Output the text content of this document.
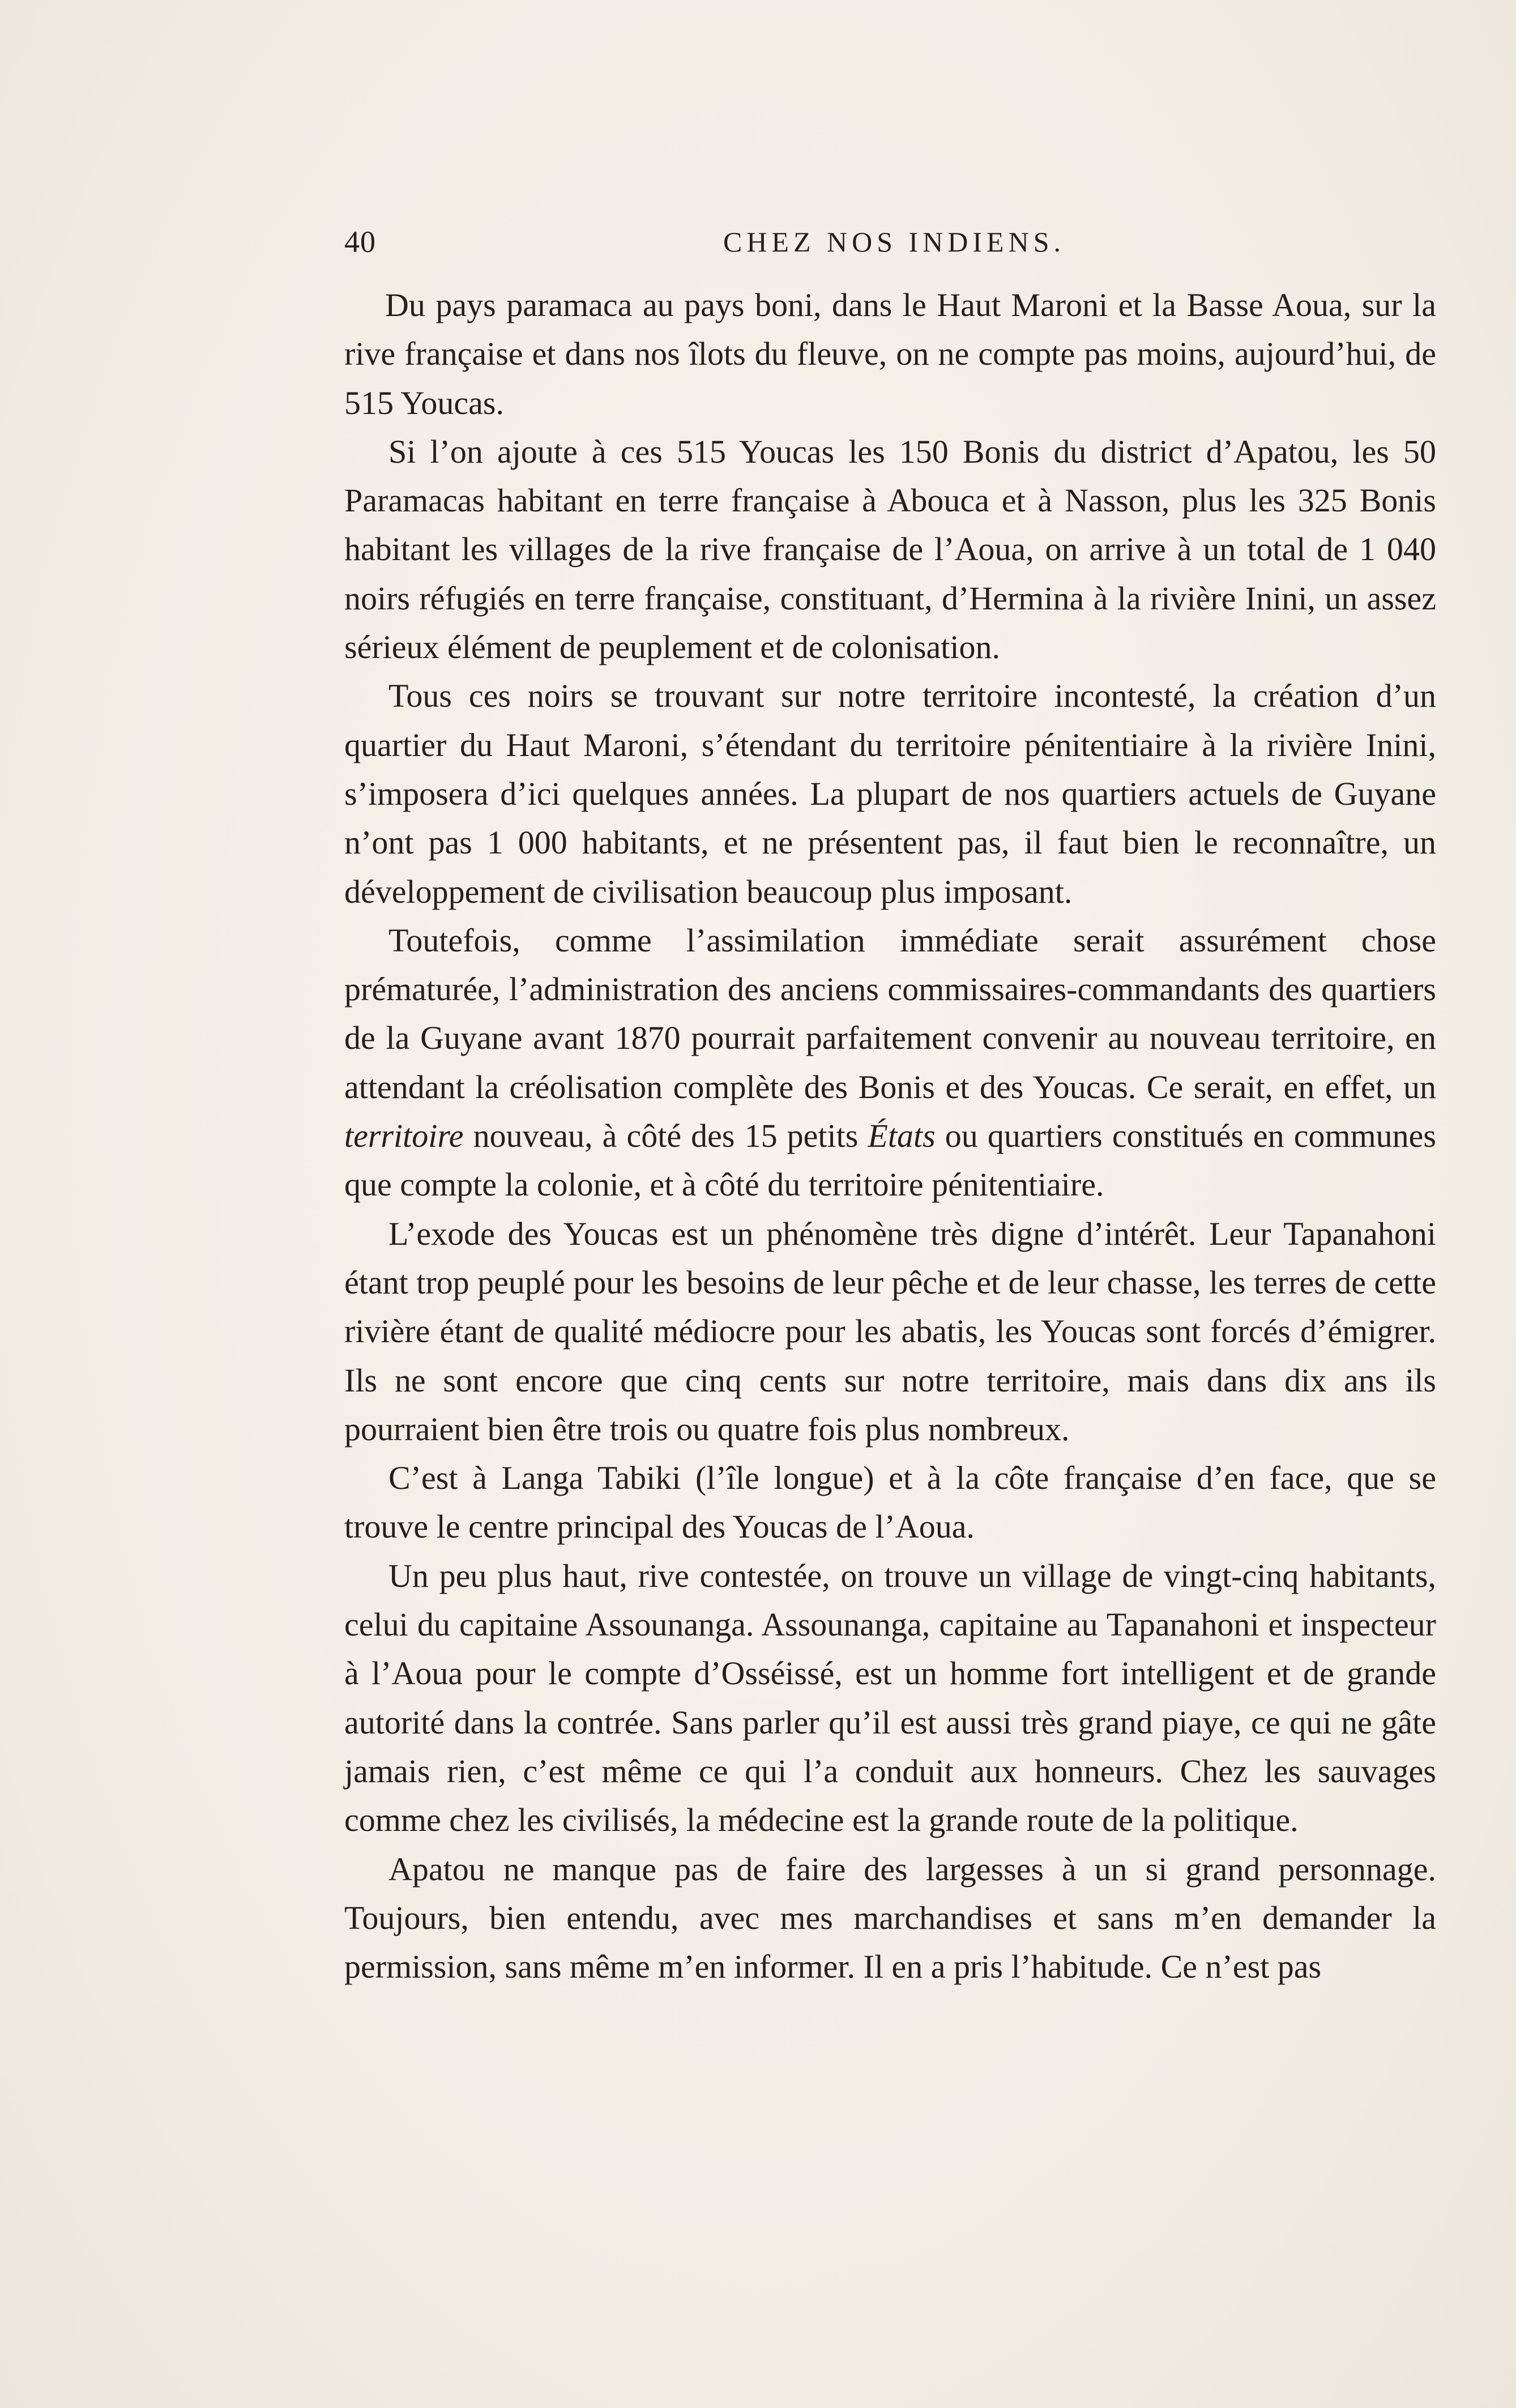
40	CHEZ NOS INDIENS.

Du pays paramaca au pays boni, dans le Haut Maroni et la Basse Aoua, sur la rive française et dans nos îlots du fleuve, on ne compte pas moins, aujourd’hui, de 515 Youcas.

Si l’on ajoute à ces 515 Youcas les 150 Bonis du district d’Apatou, les 50 Paramacas habitant en terre française à Abouca et à Nasson, plus les 325 Bonis habitant les villages de la rive française de l’Aoua, on arrive à un total de 1 040 noirs réfugiés en terre française, constituant, d’Hermina à la rivière Inini, un assez sérieux élément de peuplement et de colonisation.

Tous ces noirs se trouvant sur notre territoire incontesté, la création d’un quartier du Haut Maroni, s’étendant du territoire pénitentiaire à la rivière Inini, s’imposera d’ici quelques années. La plupart de nos quartiers actuels de Guyane n’ont pas 1 000 habitants, et ne présentent pas, il faut bien le reconnaître, un développement de civilisation beaucoup plus imposant.

Toutefois, comme l’assimilation immédiate serait assurément chose prématurée, l’administration des anciens commissaires-commandants des quartiers de la Guyane avant 1870 pourrait parfaitement convenir au nouveau territoire, en attendant la créolisation complète des Bonis et des Youcas. Ce serait, en effet, un territoire nouveau, à côté des 15 petits États ou quartiers constitués en communes que compte la colonie, et à côté du territoire pénitentiaire.

L’exode des Youcas est un phénomène très digne d’intérêt. Leur Tapanahoni étant trop peuplé pour les besoins de leur pêche et de leur chasse, les terres de cette rivière étant de qualité médiocre pour les abatis, les Youcas sont forcés d’émigrer. Ils ne sont encore que cinq cents sur notre territoire, mais dans dix ans ils pourraient bien être trois ou quatre fois plus nombreux.

C’est à Langa Tabiki (l’île longue) et à la côte française d’en face, que se trouve le centre principal des Youcas de l’Aoua.

Un peu plus haut, rive contestée, on trouve un village de vingt-cinq habitants, celui du capitaine Assounanga. Assounanga, capitaine au Tapanahoni et inspecteur à l’Aoua pour le compte d’Osséissé, est un homme fort intelligent et de grande autorité dans la contrée. Sans parler qu’il est aussi très grand piaye, ce qui ne gâte jamais rien, c’est même ce qui l’a conduit aux honneurs. Chez les sauvages comme chez les civilisés, la médecine est la grande route de la politique.

Apatou ne manque pas de faire des largesses à un si grand personnage. Toujours, bien entendu, avec mes marchandises et sans m’en demander la permission, sans même m’en informer. Il en a pris l’habitude. Ce n’est pas
